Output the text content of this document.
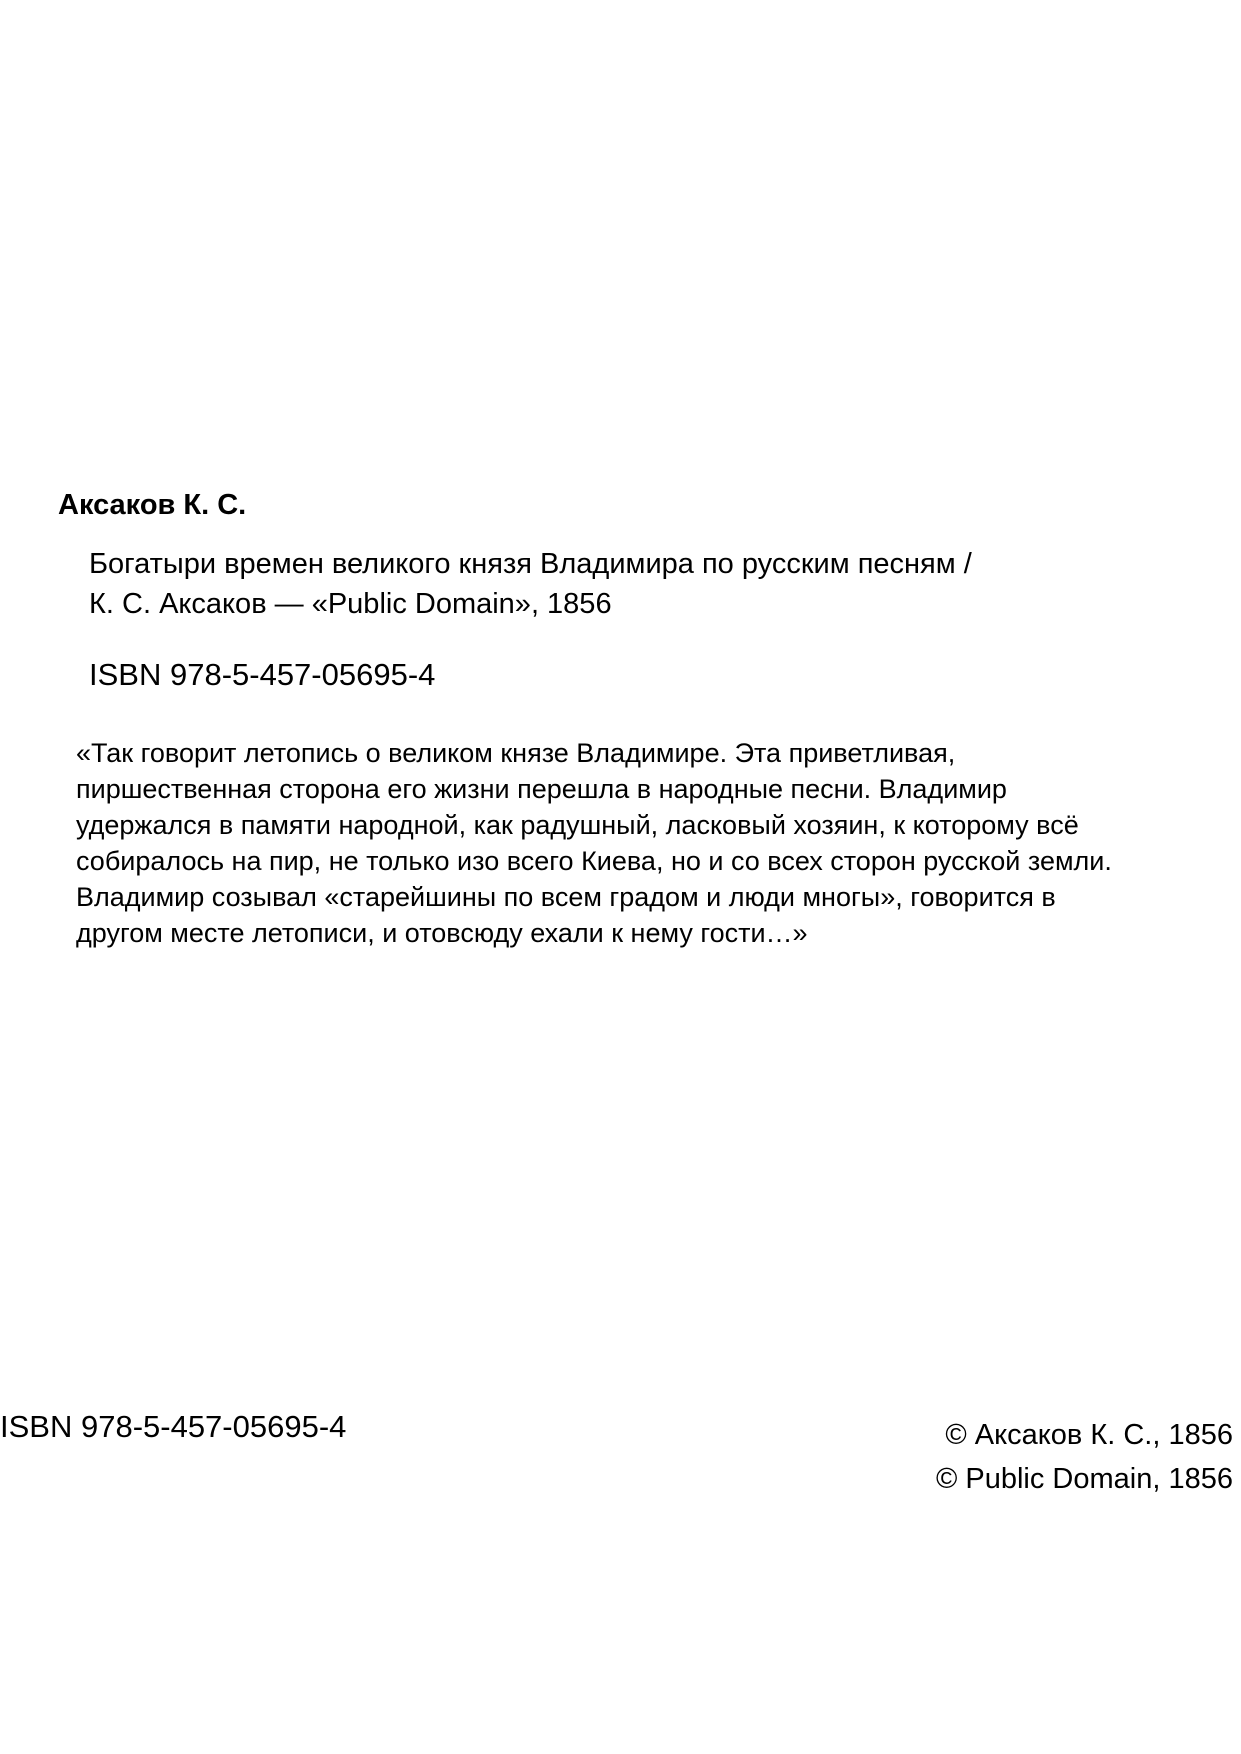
Аксаков К. С.
Богатыри времен великого князя Владимира по русским песням /
К. С. Аксаков — «Public Domain», 1856
ISBN 978-5-457-05695-4
«Так говорит летопись о великом князе Владимире. Эта приветливая,
пиршественная сторона его жизни перешла в народные песни. Владимир
удержался в памяти народной, как радушный, ласковый хозяин, к которому всё
собиралось на пир, не только изо всего Киева, но и со всех сторон русской земли.
Владимир созывал «старейшины по всем градом и люди многы», говорится в
другом месте летописи, и отовсюду ехали к нему гости…»
ISBN 978-5-457-05695-4	© Аксаков К. С., 1856
© Public Domain, 1856
